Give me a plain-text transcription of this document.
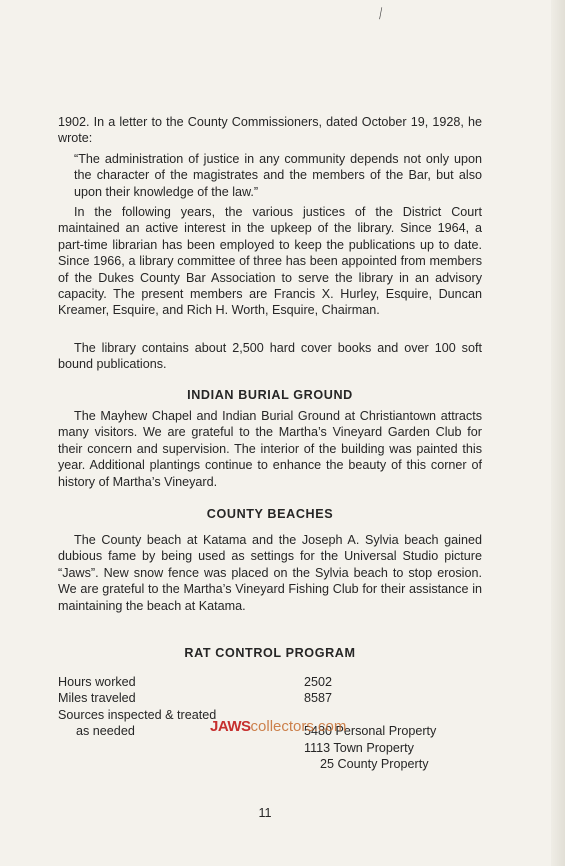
⁄

1902. In a letter to the County Commissioners, dated October 19, 1928, he wrote:

“The administration of justice in any community depends not only upon the character of the magistrates and the members of the Bar, but also upon their knowledge of the law.”

In the following years, the various justices of the District Court maintained an active interest in the upkeep of the library. Since 1964, a part-time librarian has been employed to keep the publications up to date. Since 1966, a library committee of three has been appointed from members of the Dukes County Bar Association to serve the library in an advisory capacity. The present members are Francis X. Hurley, Esquire, Duncan Kreamer, Esquire, and Rich H. Worth, Esquire, Chairman.

The library contains about 2,500 hard cover books and over 100 soft bound publications.

INDIAN BURIAL GROUND

The Mayhew Chapel and Indian Burial Ground at Christiantown attracts many visitors. We are grateful to the Martha’s Vineyard Garden Club for their concern and supervision. The interior of the building was painted this year. Additional plantings continue to enhance the beauty of this corner of history of Martha’s Vineyard.

COUNTY BEACHES

The County beach at Katama and the Joseph A. Sylvia beach gained dubious fame by being used as settings for the Universal Studio picture “Jaws”. New snow fence was placed on the Sylvia beach to stop erosion. We are grateful to the Martha’s Vineyard Fishing Club for their assistance in maintaining the beach at Katama.

RAT CONTROL PROGRAM
Hours worked	2502
Miles traveled	8587
Sources inspected & treated
as needed	5480 Personal Property
1113 Town Property
25 County Property
JAWScollectors.com
11
